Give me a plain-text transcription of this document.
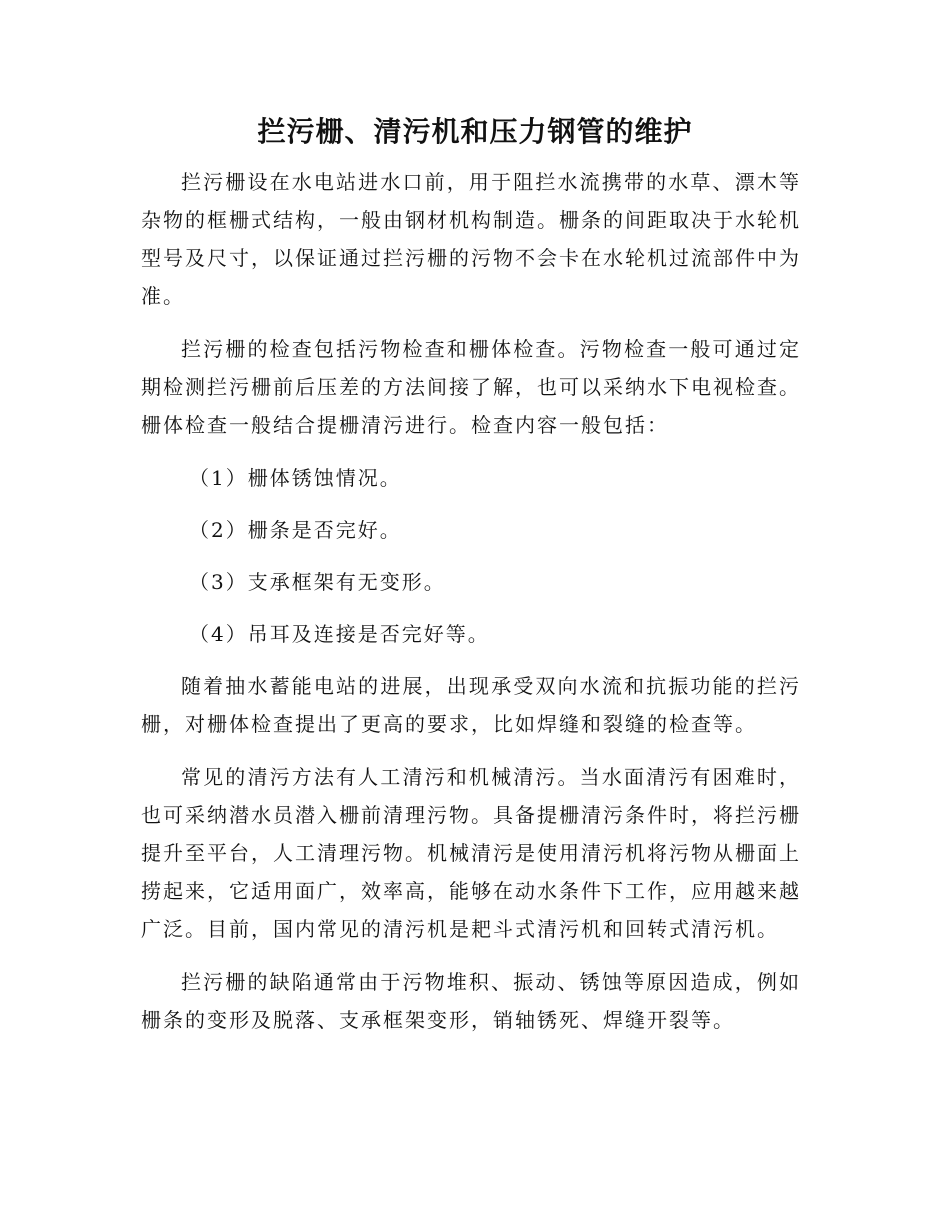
拦污栅、清污机和压力钢管的维护

拦污栅设在水电站进水口前，用于阻拦水流携带的水草、漂木等杂物的框栅式结构，一般由钢材机构制造。栅条的间距取决于水轮机型号及尺寸，以保证通过拦污栅的污物不会卡在水轮机过流部件中为准。

拦污栅的检查包括污物检查和栅体检查。污物检查一般可通过定期检测拦污栅前后压差的方法间接了解，也可以采纳水下电视检查。栅体检查一般结合提栅清污进行。检查内容一般包括：

（1）栅体锈蚀情况。

（2）栅条是否完好。

（3）支承框架有无变形。

（4）吊耳及连接是否完好等。

随着抽水蓄能电站的进展，出现承受双向水流和抗振功能的拦污栅，对栅体检查提出了更高的要求，比如焊缝和裂缝的检查等。

常见的清污方法有人工清污和机械清污。当水面清污有困难时，也可采纳潜水员潜入栅前清理污物。具备提栅清污条件时，将拦污栅提升至平台，人工清理污物。机械清污是使用清污机将污物从栅面上捞起来，它适用面广，效率高，能够在动水条件下工作，应用越来越广泛。目前，国内常见的清污机是耙斗式清污机和回转式清污机。

拦污栅的缺陷通常由于污物堆积、振动、锈蚀等原因造成，例如栅条的变形及脱落、支承框架变形，销轴锈死、焊缝开裂等。
